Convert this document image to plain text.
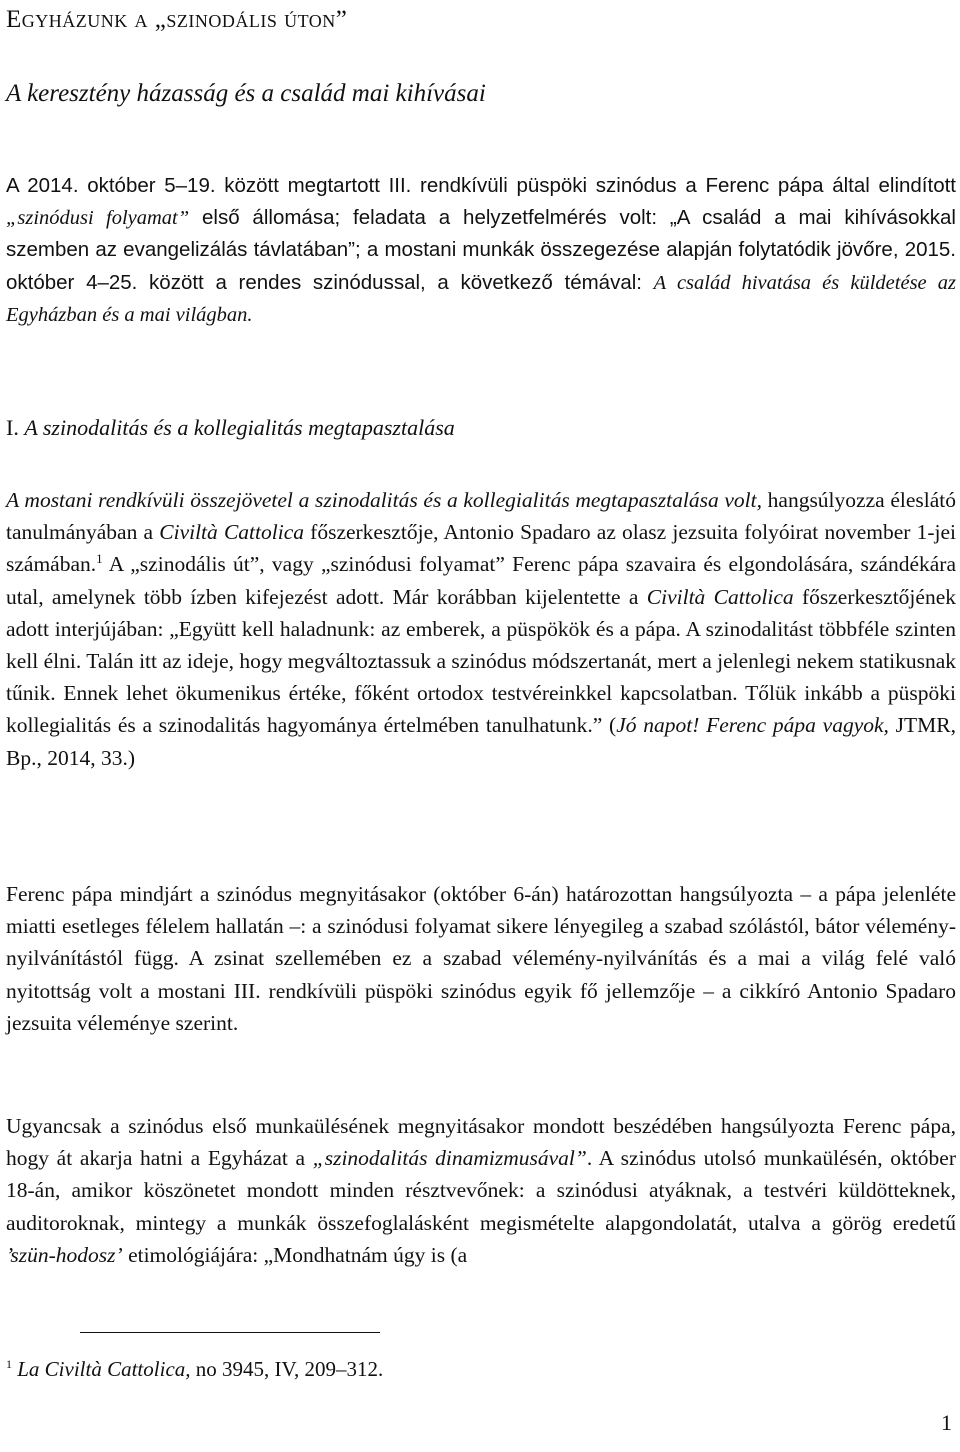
Egyházunk a „szinodális úton”
A keresztény házasság és a család mai kihívásai

A 2014. október 5–19. között megtartott III. rendkívüli püspöki szinódus a Ferenc pápa által elindított „szinódusi folyamat” első állomása; feladata a helyzetfelmérés volt: „A család a mai kihívásokkal szemben az evangelizálás távlatában”; a mostani munkák összegezése alapján folytatódik jövőre, 2015. október 4–25. között a rendes szinódussal, a következő témával: A család hivatása és küldetése az Egyházban és a mai világban.

I. A szinodalitás és a kollegialitás megtapasztalása

A mostani rendkívüli összejövetel a szinodalitás és a kollegialitás megtapasztalása volt, hangsúlyozza éleslátó tanulmányában a Civiltà Cattolica főszerkesztője, Antonio Spadaro az olasz jezsuita folyóirat november 1-jei számában.$^1$ A „szinodális út”, vagy „szinódusi folyamat” Ferenc pápa szavaira és elgondolására, szándékára utal, amelynek több ízben kifejezést adott. Már korábban kijelentette a Civiltà Cattolica főszerkesztőjének adott interjújában: „Együtt kell haladnunk: az emberek, a püspökök és a pápa. A szinodalitást többféle szinten kell élni. Talán itt az ideje, hogy megváltoztassuk a szinódus módszertanát, mert a jelenlegi nekem statikusnak tűnik. Ennek lehet ökumenikus értéke, főként ortodox testvéreinkkel kapcsolatban. Tőlük inkább a püspöki kollegialitás és a szinodalitás hagyománya értelmében tanulhatunk.” (Jó napot! Ferenc pápa vagyok, JTMR, Bp., 2014, 33.)

Ferenc pápa mindjárt a szinódus megnyitásakor (október 6-án) határozottan hangsúlyozta – a pápa jelenléte miatti esetleges félelem hallatán –: a szinódusi folyamat sikere lényegileg a szabad szólástól, bátor vélemény-nyilvánítástól függ. A zsinat szellemében ez a szabad vélemény-nyilvánítás és a mai a világ felé való nyitottság volt a mostani III. rendkívüli püspöki szinódus egyik fő jellemzője – a cikkíró Antonio Spadaro jezsuita véleménye szerint.

Ugyancsak a szinódus első munkaülésének megnyitásakor mondott beszédében hangsúlyozta Ferenc pápa, hogy át akarja hatni a Egyházat a „szinodalitás dinamizmusával”. A szinódus utolsó munkaülésén, október 18-án, amikor köszönetet mondott minden résztvevőnek: a szinódusi atyáknak, a testvéri küldötteknek, auditoroknak, mintegy a munkák összefoglalásként megismételte alapgondolatát, utalva a görög eredetű ’szün-hodosz’ etimológiájára: „Mondhatnám úgy is (a

$^1$ La Civiltà Cattolica, no 3945, IV, 209–312.
1
